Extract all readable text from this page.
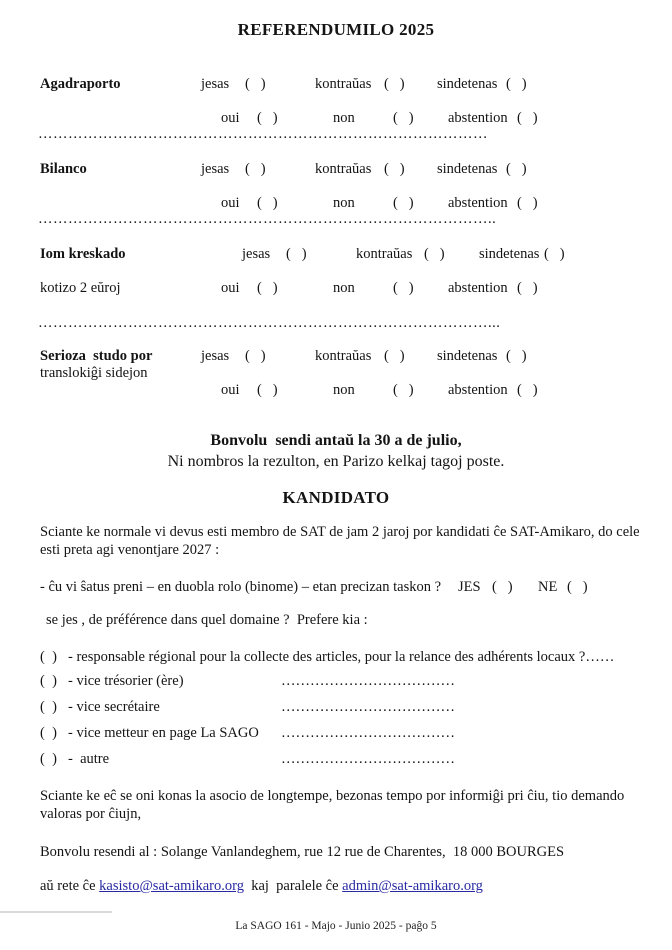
REFERENDUMILO 2025
Agadraporto	jesas (   )	kontraŭas (   ) sindetenas (   )
oui (   )	non	(   ) abstention (   )
………………………………………………………………………………
Bilanco	jesas (   )	kontraŭas (   ) sindetenas (   )
oui (   )	non	(   ) abstention (   )
………………………………………………………………………………..
Iom kreskado	jesas (   )	kontraŭas (   ) sindetenas (   )
kotizo 2 eŭroj	oui (   )	non	(   ) abstention (   )
………………………………………………………………………………...
Serioza  studo por	jesas (   )	kontraŭas (   ) sindetenas (   )
translokiĝi sidejon
oui (   )	non	(   ) abstention (   )
Bonvolu  sendi antaŭ la 30 a de julio,
Ni nombros la rezulton, en Parizo kelkaj tagoj poste.
KANDIDATO
Sciante ke normale vi devus esti membro de SAT de jam 2 jaroj por kandidati ĉe SAT-Amikaro, do cele
esti preta agi venontjare 2027 :
- ĉu vi ŝatus preni – en duobla rolo (binome) – etan precizan taskon ? JES (   ) NE (   )
se jes , de préférence dans quel domaine ?  Prefere kia :
(  ) - responsable régional pour la collecte des articles, pour la relance des adhérents locaux ?……
(  ) - vice trésorier (ère)	………………………………
(  ) - vice secrétaire	………………………………
(  ) - vice metteur en page La SAGO ………………………………
(  ) -  autre	………………………………
Sciante ke eĉ se oni konas la asocio de longtempe, bezonas tempo por informiĝi pri ĉiu, tio demando
valoras por ĉiujn,
Bonvolu resendi al : Solange Vanlandeghem, rue 12 rue de Charentes,  18 000 BOURGES
aŭ rete ĉe kasisto@sat-amikaro.org  kaj  paralele ĉe admin@sat-amikaro.org
La SAGO 161 - Majo - Junio 2025 - paĝo 5
